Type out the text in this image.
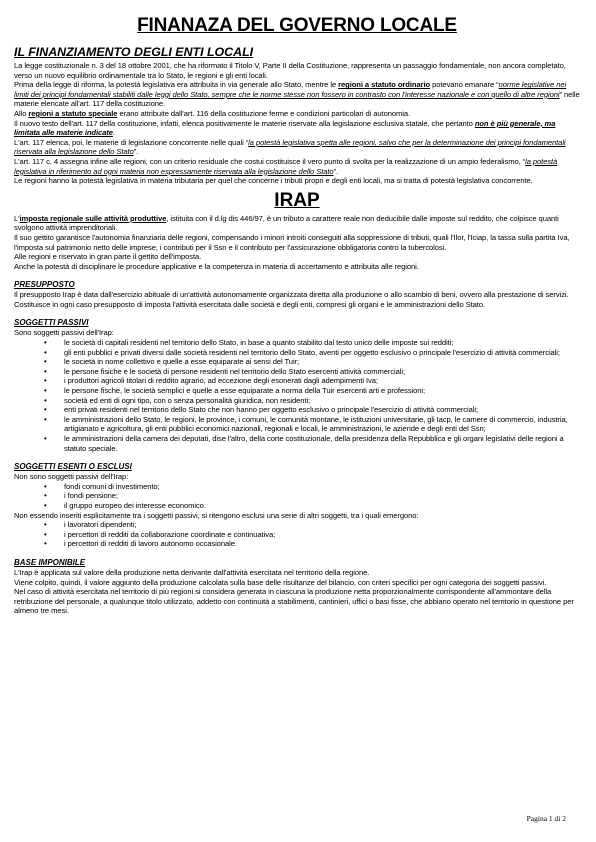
FINANAZA DEL GOVERNO LOCALE
IL FINANZIAMENTO DEGLI ENTI LOCALI

La legge costituzionale n. 3 del 18 ottobre 2001, che ha riformato il Titolo V, Parte II della Costituzione, rappresenta un passaggio fondamentale, non ancora completato, verso un nuovo equilibrio ordinamentale tra lo Stato, le regioni e gli enti locali.

Prima della legge di riforma, la potestà legislativa era attribuita in via generale allo Stato, mentre le regioni a statuto ordinario potevano emanare “norme legislative nei limiti dei principi fondamentali stabiliti dalle leggi dello Stato, sempre che le norme stesse non fossero in contrasto con l'interesse nazionale e con quello di altre regioni” nelle materie elencate all'art. 117 della costituzione.

Allo regioni a statuto speciale erano attribuite dall'art. 116 della costituzione ferme e condizioni particolari di autonomia.

Il nuovo testo dell'art. 117 della costituzione, infatti, elenca positivamente le materie riservate alla legislazione esclusiva statale, che pertanto non è più generale, ma limitata alle materie indicate.

L'art. 117 elenca, poi, le materie di legislazione concorrente nelle quali “la potestà legislativa spetta alle regioni, salvo che per la determinazione dei principi fondamentali riservata alla legislazione dello Stato”.

L'art. 117 c. 4 assegna infine alle regioni, con un criterio residuale che costui costituisce il vero punto di svolta per la realizzazione di un ampio federalismo, “la potestà legislativa in riferimento ad ogni materia non espressamente riservata alla legislazione dello Stato”.

Le regioni hanno la potestà legislativa in materia tributaria per quel che concerne i tributi propri e degli enti locali, ma si tratta di potestà legislativa concorrente.

IRAP

L'imposta regionale sulle attività produttive, istituita con il d.lg dis 446/97, è un tributo a carattere reale non deducibile dalle imposte sul reddito, che colpisce quanti svolgono attività imprenditoriali.

Il suo gettito garantisce l'autonomia finanziaria delle regioni, compensando i minori introiti conseguiti alla soppressione di tributi, quali l'Ilor, l'Iciap, la tassa sulla partita Iva, l'imposta sul patrimonio netto delle imprese, i contributi per il Ssn e il contributo per l'assicurazione obbligatoria contro la tubercolosi.

Alle regioni e riservato in gran parte il gettito dell'imposta.

Anche la potestà di disciplinare le procedure applicative e la competenza in materia di accertamento e attribuita alle regioni.

PRESUPPOSTO

Il presupposto Irap è data dall'esercizio abituale di un'attività autonomamente organizzata diretta alla produzione o allo scambio di beni, ovvero alla prestazione di servizi.

Costituisce in ogni caso presupposto di imposta l'attività esercitata dalle società e degli enti, compresi gli organi e le amministrazioni dello Stato.

SOGGETTI PASSIVI

Sono soggetti passivi dell'Irap:

• le società di capitali residenti nel territorio dello Stato, in base a quanto stabilito dal testo unico delle imposte sui redditi;
• gli enti pubblici e privati diversi dalle società residenti nel territorio dello Stato, aventi per oggetto esclusivo o principale l'esercizio di attività commerciali;
• le società in nome collettivo e quelle a esse equiparate ai sensi del Tuir;
• le persone fisiche e le società di persone residenti nel territorio dello Stato esercenti attività commerciali;
• i produttori agricoli titolari di reddito agrario, ad eccezione degli esonerati dagli adempimenti Iva;
• le persone fische, le società semplici e quelle a esse equiparate a norma della Tuir esercenti arti e professioni;
• società ed enti di ogni tipo, con o senza personalità giuridica, non residenti;
• enti privati residenti nel territorio dello Stato che non hanno per oggetto esclusivo o principale l'esercizio di attività commerciali;
• le amministrazioni dello Stato, le regioni, le province, i comuni, le comunità montane, le istituzioni universitarie, gli Iacp, le camere di commercio, industria, artigianato e agricoltura, gli enti pubblici economici nazionali, regionali e locali, le amministrazioni, le aziende e degli enti del Ssn;
• le amministrazioni della camera dei deputati, dise l'altro, della corte costituzionale, della presidenza della Repubblica e gli organi legislativi delle regioni a statuto speciale.
SOGGETTI ESENTI O ESCLUSI

Non sono soggetti passivi dell'Irap:

• fondi comuni di investimento;
• i fondi pensione;
• il gruppo europeo dei interesse economico.

Non essendo inseriti esplicitamente tra i soggetti passivi, si ritengono esclusi una serie di altri soggetti, tra i quali emergono:

• i lavoratori dipendenti;
• i percettori di redditi da collaborazione coordinate e continuativa;
• i percettori di redditi di lavoro autonomo occasionale.
BASE IMPONIBILE

L'Irap è applicata sul valore della produzione netta derivante dall'attività esercitata nel territorio della regione.

Viene colpito, quindi, il valore aggiunto della produzione calcolata sulla base delle risultanze del bilancio, con criteri specifici per ogni categoria dei soggetti passivi.

Nel caso di attività esercitata nel territorio di più regioni si considera generata in ciascuna la produzione netta proporzionalmente corrispondente all'ammontare della retribuzione del personale, a qualunque titolo utilizzato, addetto con continuità a stabilimenti, cantinieri, uffici o basi fisse, che abbiano operato nel territorio in questione per almeno tre mesi.

Pagina 1 di 2
